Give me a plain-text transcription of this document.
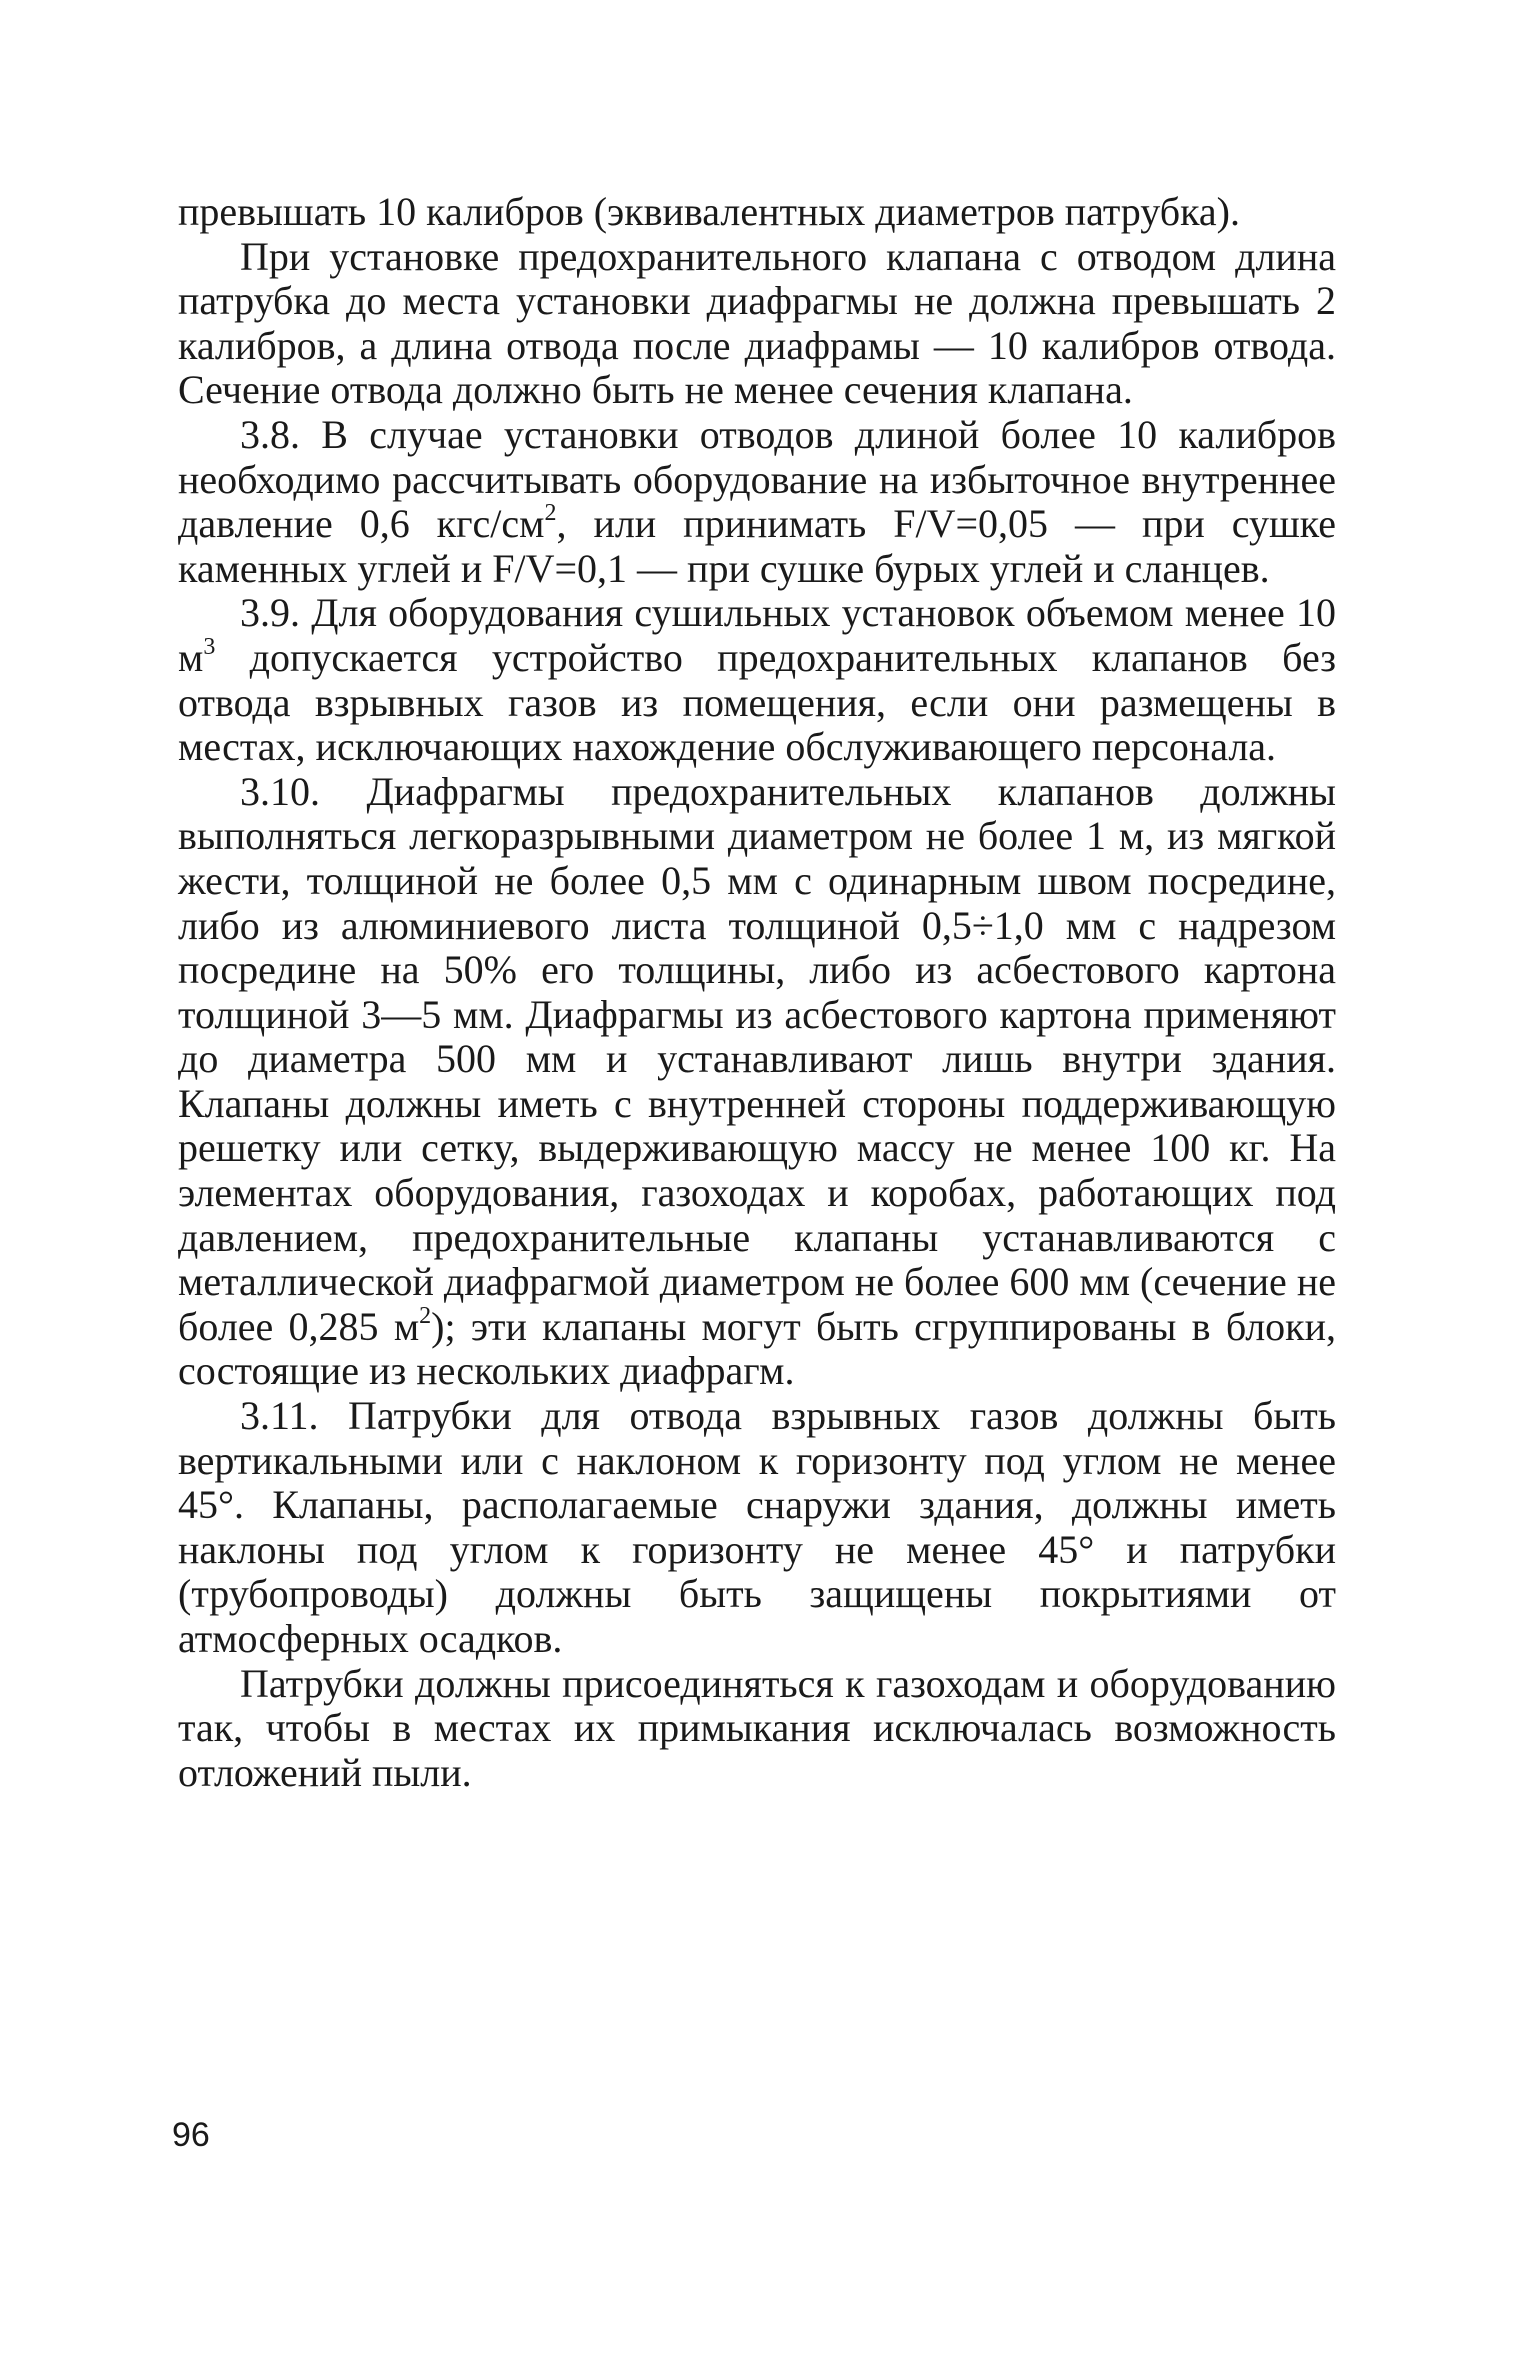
превышать 10 калибров (эквивалентных диаметров патрубка).

При установке предохранительного клапана с отводом длина патрубка до места установки диафрагмы не должна превышать 2 калибров, а длина отвода после диафрамы — 10 калибров отвода. Сечение отвода должно быть не менее сечения клапана.

3.8. В случае установки отводов длиной более 10 калибров необходимо рассчитывать оборудование на избыточное внутреннее давление 0,6 кгс/$см^2$, или принимать F/V=0,05 — при сушке каменных углей и F/V=0,1 — при сушке бурых углей и сланцев.

3.9. Для оборудования сушильных установок объемом менее 10 $м^3$ допускается устройство предохранительных клапанов без отвода взрывных газов из помещения, если они размещены в местах, исключающих нахождение обслуживающего персонала.

3.10. Диафрагмы предохранительных клапанов должны выполняться легкоразрывными диаметром не более 1 м, из мягкой жести, толщиной не более 0,5 мм с одинарным швом посредине, либо из алюминиевого листа толщиной 0,5÷1,0 мм с надрезом посредине на 50% его толщины, либо из асбестового картона толщиной 3—5 мм. Диафрагмы из асбестового картона применяют до диаметра 500 мм и устанавливают лишь внутри здания. Клапаны должны иметь с внутренней стороны поддерживающую решетку или сетку, выдерживающую массу не менее 100 кг. На элементах оборудования, газоходах и коробах, работающих под давлением, предохранительные клапаны устанавливаются с металлической диафрагмой диаметром не более 600 мм (сечение не более 0,285 $м^2$); эти клапаны могут быть сгруппированы в блоки, состоящие из нескольких диафрагм.

3.11. Патрубки для отвода взрывных газов должны быть вертикальными или с наклоном к горизонту под углом не менее 45°. Клапаны, располагаемые снаружи здания, должны иметь наклоны под углом к горизонту не менее 45° и патрубки (трубопроводы) должны быть защищены покрытиями от атмосферных осадков.

Патрубки должны присоединяться к газоходам и оборудованию так, чтобы в местах их примыкания исключалась возможность отложений пыли.

96
